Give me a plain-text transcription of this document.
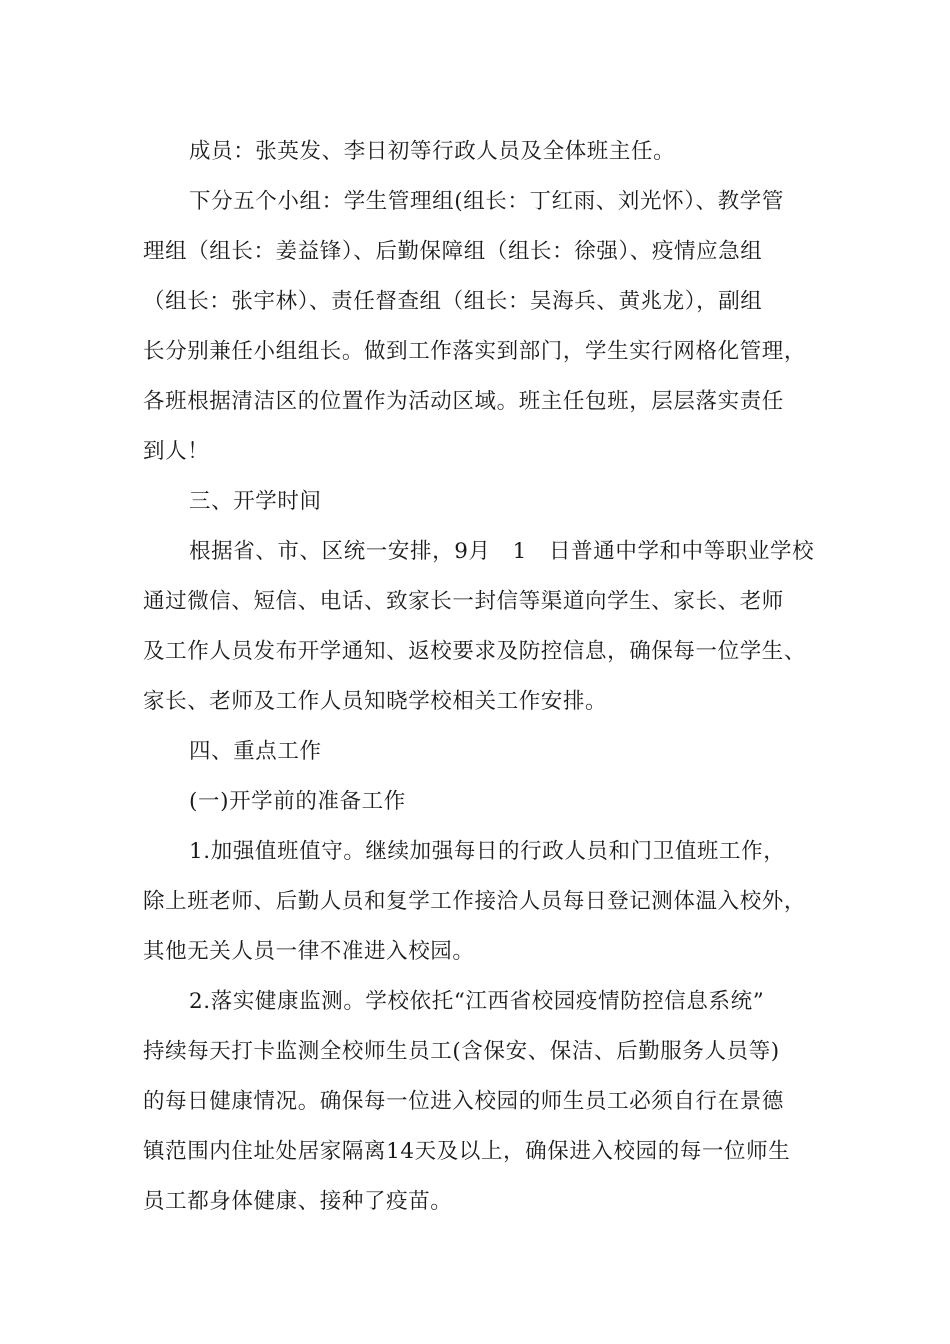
成员：张英发、李日初等行政人员及全体班主任。
下分五个小组：学生管理组(组长：丁红雨、刘光怀）、教学管
理组（组长：姜益锋）、后勤保障组（组长：徐强）、疫情应急组
（组长：张宇林）、责任督查组（组长：吴海兵、黄兆龙），副组
长分别兼任小组组长。做到工作落实到部门，学生实行网格化管理，
各班根据清洁区的位置作为活动区域。班主任包班，层层落实责任
到人！
三、开学时间
根据省、市、区统一安排，9月　1　日普通中学和中等职业学校
通过微信、短信、电话、致家长一封信等渠道向学生、家长、老师
及工作人员发布开学通知、返校要求及防控信息，确保每一位学生、
家长、老师及工作人员知晓学校相关工作安排。
四、重点工作
(一)开学前的准备工作
1.加强值班值守。继续加强每日的行政人员和门卫值班工作，
除上班老师、后勤人员和复学工作接洽人员每日登记测体温入校外，
其他无关人员一律不准进入校园。
2.落实健康监测。学校依托“江西省校园疫情防控信息系统”
持续每天打卡监测全校师生员工(含保安、保洁、后勤服务人员等)
的每日健康情况。确保每一位进入校园的师生员工必须自行在景德
镇范围内住址处居家隔离14天及以上，确保进入校园的每一位师生
员工都身体健康、接种了疫苗。
